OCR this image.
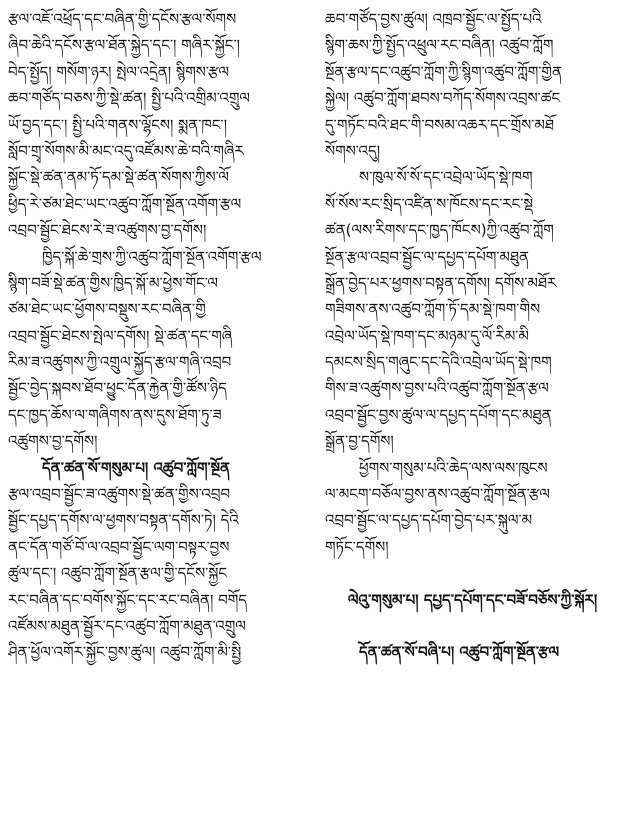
རྩལ་འཇོ་འཕྲོད་དང་བཞིན་གྱི་དངོས་རྩལ་སོགས
ཞིབ་ཆེའི་དངོས་རྩལ་ཐོན་སྐྱེད་དང་། གཞིར་སྐྱོང་།
བེད་སྤྱོད། གསོག་ཉར། སྤེལ་འདྲེན། སྙིགས་རྩལ
ཆབ་གཙོད་བཅས་ཀྱི་སྡེ་ཚན། སྤྱི་པའི་འགྲིམ་འགྲུལ
ཡོ་བྱད་དང་། སྤྱི་པའི་གནས་ལྷོངས། སྨན་ཁང་།
སློབ་གྲྭ་སོགས་མི་མང་འདུ་འཛོམས་ཆེ་བའི་གཞིར
སྐྱོང་སྡེ་ཚན་ནམ་ཏོ་དམ་སྡེ་ཚན་སོགས་ཀྱིས་ལོ
ཕྱིད་རེ་ཙམ་ཐེང་ཡང་འཚུབ་ཀློག་སྔོན་འགོག་རྩལ
འབྲབ་སྦྱོང་ཐེངས་རེ་ཟ་འཚུགས་བྱ་དགོས།
ཁྱིད་སྐོ་ཆེ་གྲས་ཀྱི་འཚུབ་ཀློག་སྔོན་འགོག་རྩལ
སྙིག་བཟོ་སྡེ་ཚན་གྱིས་ཁྱིད་སྐོ་མ་ཕྱེས་གོང་ལ
ཙམ་ཐེང་ཡང་ཕྱོགས་བསྡུས་རང་བཞིན་གྱི
འབྲབ་སྦྱོང་ཐེངས་སྤེལ་དགོས། སྡེ་ཚན་དང་གཞི
རིམ་ཟ་འཚུགས་ཀྱི་འགྲུལ་སྐྱོད་རྩལ་གཞི་འབྲབ
སྦྱོང་བྱེད་སྐབས་ཐོབ་ཕྱུང་དོན་རྐྱེན་གྱི་ཚོས་ཉིད
དང་ཁྱད་ཆོས་ལ་གཞིགས་ནས་དུས་ཐོག་ཏུ་ཟ
འཚུགས་བྱ་དགོས།
དོན་ཚན་སོ་གསུམ་པ། འཚུབ་ཀློག་སྔོན
རྩལ་འབྲབ་སྦྱོང་ཟ་འཚུགས་སྡེ་ཚན་གྱིས་འབྲབ
སྦྱོང་དཔྱད་དགོས་ལ་ཕྱགས་བསྟན་དགོས་ཏེ། དེའི
ནང་དོན་གཙོ་བོ་ལ་འབྲབ་སྦྱོང་ལག་བསྟར་བྱས
ཚུལ་དང་། འཚུབ་ཀློག་སྔོན་རྩལ་གྱི་དངོས་སྐྱོང
རང་བཞིན་དང་བགོས་སྐྱོང་དང་རང་བཞིན། བགོད
འཛོམས་མཐུན་སྦྱོར་དང་འཚུབ་ཀློག་མཐུན་འགྲུལ
ཤིན་ཕྱོལ་འགོར་སྐྱོང་བྱས་ཚུལ། འཚུབ་ཀློག་མི་སྤྱི
ཆབ་གཙོད་བྱས་ཚུལ། འཁྲབ་སྦྱོང་ལ་སྤྱོད་པའི
སྙིག་ཆས་ཀྱི་སྤྱོད་འཕྲུལ་རང་བཞིན། འཚུབ་ཀློག
སྔོན་རྩལ་དང་འཚུབ་ཀློག་ཀྱི་སྙིག་འཚུབ་ཀློག་གྱིན
སྐྱེལ། འཚུབ་ཀློག་ཐབས་བཀོད་སོགས་འབྲས་ཚང
དུ་གཏོང་བའི་ཐང་གི་བསམ་འཆར་དང་གྲོས་མཐོ
སོགས་འདུ།
ས་ཁུལ་སོ་སོ་དང་འབྲེལ་ཡོད་སྡེ་ཁག
སོ་སོས་རང་སྲིད་འཛིན་ས་ཁོངས་དང་རང་སྡེ
ཚན(ལས་རིགས་དང་ཁྱད་ཁོངས)ཀྱི་འཚུབ་ཀློག
སྔོན་རྩལ་འབྲབ་སྦྱོང་ལ་དཔྱད་དཔོག་མཐུན
སྒྲོན་བྱེད་པར་ཕྱགས་བསྟན་དགོས། དགོས་མཐོར
གཟིགས་ནས་འཚུབ་ཀློག་ཏོ་དམ་སྡེ་ཁག་གིས
འབྲེལ་ཡོད་སྡེ་ཁག་དང་མཉམ་དུ་ལོ་རིམ་མི
དམངས་སྲིད་གཞུང་དང་དེའི་འབྲེལ་ཡོད་སྡེ་ཁག
གིས་ཟ་འཚུགས་བྱས་པའི་འཚུབ་ཀློག་སྔོན་རྩལ
འབྲབ་སྦྱོང་བྱས་ཚུལ་ལ་དཔྱད་དཔོག་དང་མཐུན
སྒྲོན་བྱ་དགོས།
ཕྱོགས་གསུམ་པའི་ཆེད་ལས་ལས་ཁུངས
ལ་མངག་བཅོལ་བྱས་ནས་འཚུབ་ཀློག་སྔོན་རྩལ
འབྲབ་སྦྱོང་ལ་དཔྱད་དཔོག་བྱེད་པར་སྐུལ་མ
གཏོང་དགོས།
ལེའུ་གསུམ་པ། དཔྱད་དཔོག་དང་བཟོ་བཅོས་ཀྱི་སྐོར།
དོན་ཚན་སོ་བཞི་པ། འཚུབ་ཀློག་སྔོན་རྩལ
